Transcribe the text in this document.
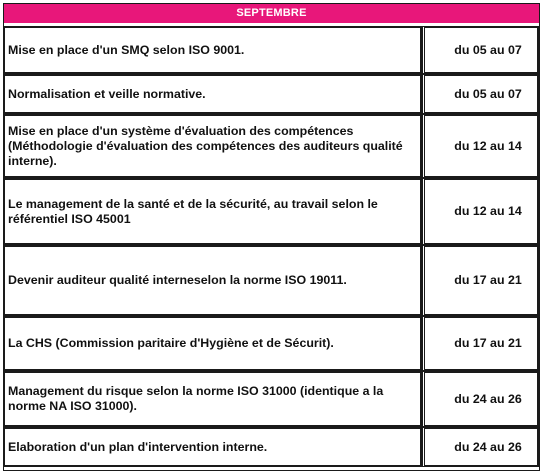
SEPTEMBRE
Mise en place d'un SMQ selon ISO 9001.	du 05 au 07
Normalisation et veille normative.	du 05 au 07
Mise en place d'un système d'évaluation des compétences (Méthodologie d'évaluation des compétences des auditeurs qualité interne).	du 12 au 14
Le management de la santé et de la sécurité, au travail selon le référentiel ISO 45001	du 12 au 14
Devenir auditeur qualité interneselon la norme ISO 19011.	du 17 au 21
La CHS (Commission paritaire d'Hygiène et de Sécurit).	du 17 au 21
Management du risque selon la norme ISO 31000 (identique a la norme NA ISO 31000).	du 24 au 26
Elaboration d'un plan d'intervention interne.	du 24 au 26
